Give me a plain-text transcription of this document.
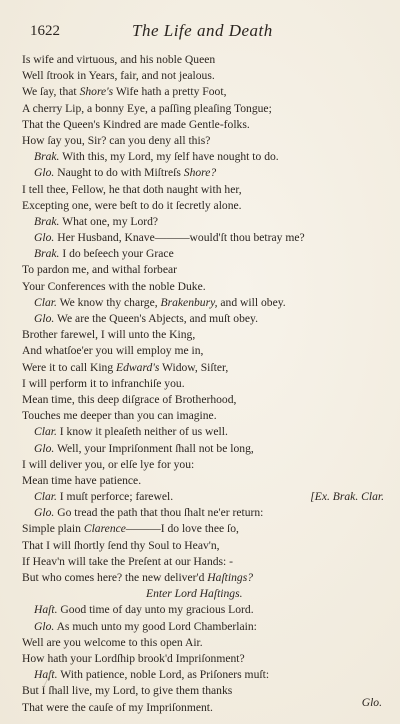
1622	The Life and Death
Is wife and virtuous, and his noble Queen
Well ſtrook in Years, fair, and not jealous.
We ſay, that Shore's Wife hath a pretty Foot,
A cherry Lip, a bonny Eye, a paſſing pleaſing Tongue;
That the Queen's Kindred are made Gentle-folks.
How ſay you, Sir? can you deny all this?
Brak. With this, my Lord, my ſelf have nought to do.
Glo. Naught to do with Miſtreſs Shore?
I tell thee, Fellow, he that doth naught with her,
Excepting one, were beſt to do it ſecretly alone.
Brak. What one, my Lord?
Glo. Her Husband, Knave———would'ſt thou betray me?
Brak. I do beſeech your Grace
To pardon me, and withal forbear
Your Conferences with the noble Duke.
Clar. We know thy charge, Brakenbury, and will obey.
Glo. We are the Queen's Abjects, and muſt obey.
Brother farewel, I will unto the King,
And whatſoe'er you will employ me in,
Were it to call King Edward's Widow, Siſter,
I will perform it to infranchiſe you.
Mean time, this deep diſgrace of Brotherhood,
Touches me deeper than you can imagine.
Clar. I know it pleaſeth neither of us well.
Glo. Well, your Impriſonment ſhall not be long,
I will deliver you, or elſe lye for you:
Mean time have patience.
[Ex. Brak. Clar.
Clar. I muſt perforce; farewel.
Glo. Go tread the path that thou ſhalt ne'er return:
Simple plain Clarence———I do love thee ſo,
That I will ſhortly ſend thy Soul to Heav'n,
If Heav'n will take the Preſent at our Hands: -
But who comes here? the new deliver'd Haſtings?
Enter Lord Haſtings.
Haſt. Good time of day unto my gracious Lord.
Glo. As much unto my good Lord Chamberlain:
Well are you welcome to this open Air.
How hath your Lordſhip brook'd Impriſonment?
Haſt. With patience, noble Lord, as Priſoners muſt:
But I ſhall live, my Lord, to give them thanks
That were the cauſe of my Impriſonment.	Glo.
